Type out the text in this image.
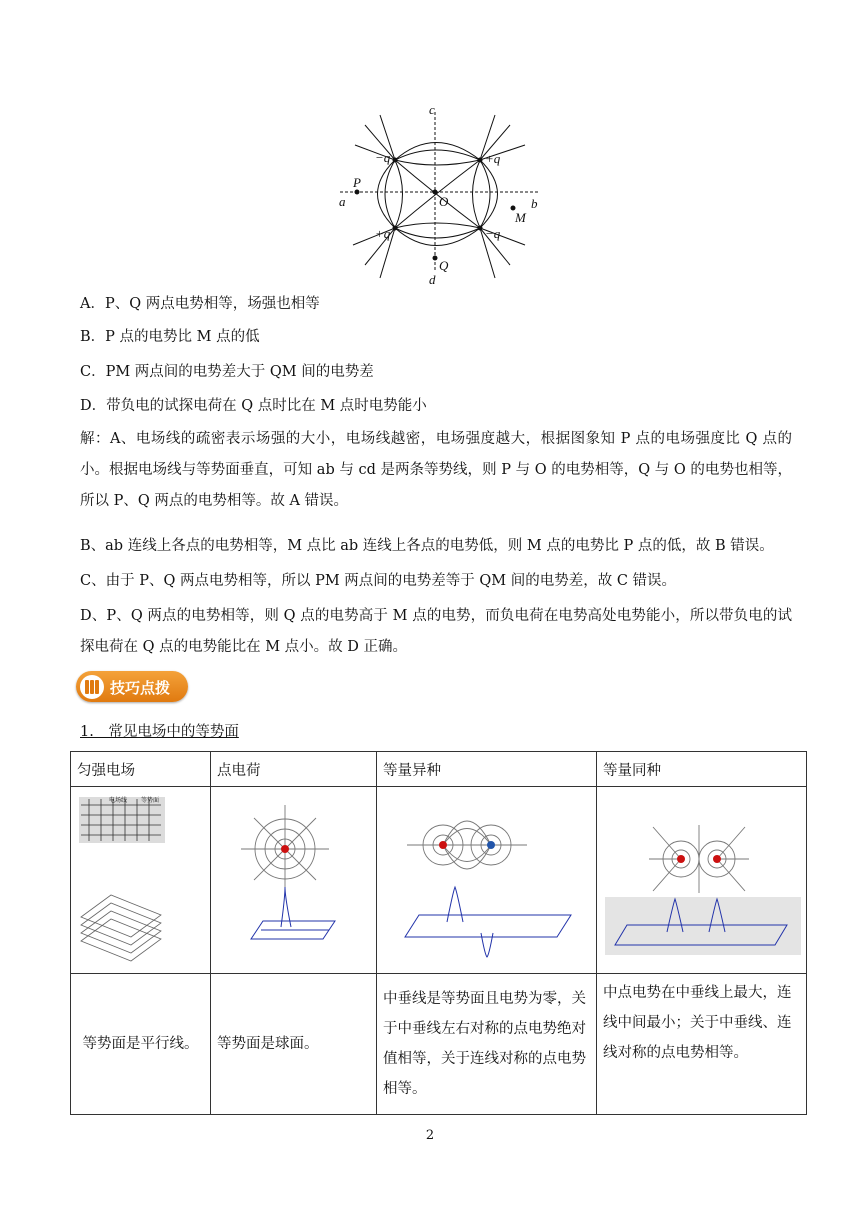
c
d
a	b
O
P
Q
M
−q	+q
+q	−q
A．P、Q 两点电势相等，场强也相等
B．P 点的电势比 M 点的低
C．PM 两点间的电势差大于 QM 间的电势差
D．带负电的试探电荷在 Q 点时比在 M 点时电势能小
解：A、电场线的疏密表示场强的大小，电场线越密，电场强度越大，根据图象知 P 点的电场强度比 Q 点的小。根据电场线与等势面垂直，可知 ab 与 cd 是两条等势线，则 P 与 O 的电势相等，Q 与 O 的电势也相等，所以 P、Q 两点的电势相等。故 A 错误。
B、ab 连线上各点的电势相等，M 点比 ab 连线上各点的电势低，则 M 点的电势比 P 点的低，故 B 错误。
C、由于 P、Q 两点电势相等，所以 PM 两点间的电势差等于 QM 间的电势差，故 C 错误。
D、P、Q 两点的电势相等，则 Q 点的电势高于 M 点的电势，而负电荷在电势高处电势能小，所以带负电的试探电荷在 Q 点的电势能比在 M 点小。故 D 正确。
技巧点拨
1.　常见电场中的等势面
匀强电场	点电荷	等量异种	等量同种

电场线 等势面

等势面是平行线。	等势面是球面。	中垂线是等势面且电势为零，关于中垂线左右对称的点电势绝对值相等，关于连线对称的点电势相等。	中点电势在中垂线上最大，连线中间最小；关于中垂线、连线对称的点电势相等。
2
